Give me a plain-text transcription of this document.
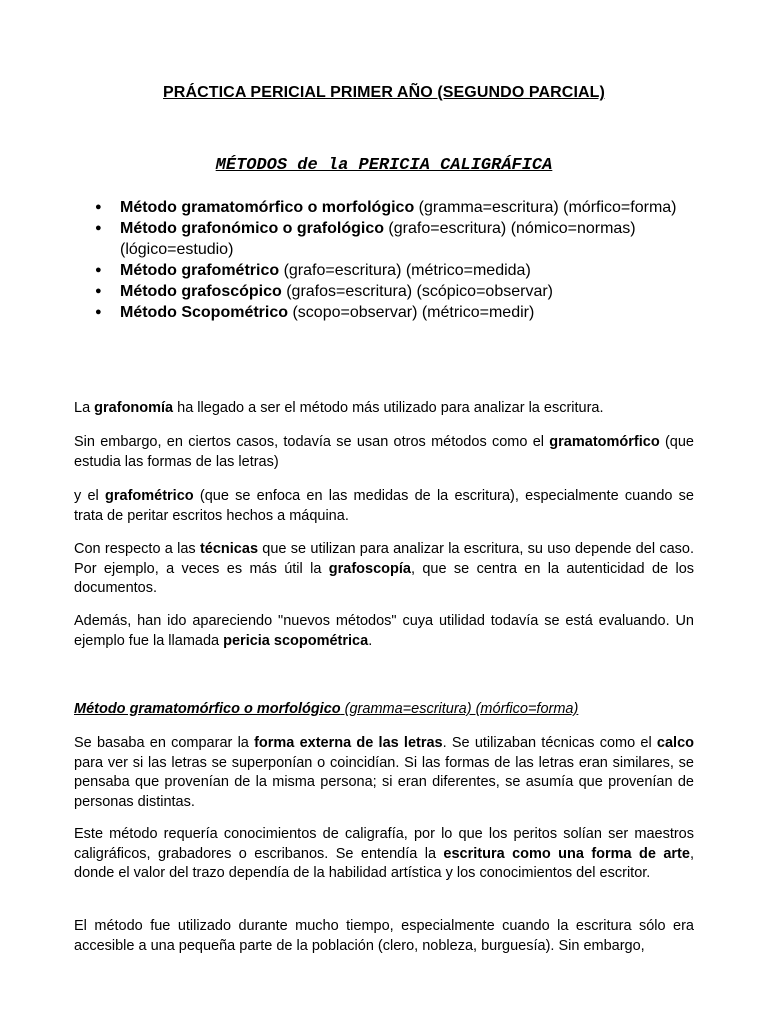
PRÁCTICA PERICIAL PRIMER AÑO (SEGUNDO PARCIAL)
MÉTODOS de la PERICIA CALIGRÁFICA
● Método gramatomórfico o morfológico (gramma=escritura) (mórfico=forma)
● Método grafonómico o grafológico (grafo=escritura) (nómico=normas) (lógico=estudio)
● Método grafométrico (grafo=escritura) (métrico=medida)
● Método grafoscópico (grafos=escritura) (scópico=observar)
● Método Scopométrico (scopo=observar) (métrico=medir)

La grafonomía ha llegado a ser el método más utilizado para analizar la escritura.

Sin embargo, en ciertos casos, todavía se usan otros métodos como el gramatomórfico (que estudia las formas de las letras)

y el grafométrico (que se enfoca en las medidas de la escritura), especialmente cuando se trata de peritar escritos hechos a máquina.

Con respecto a las técnicas que se utilizan para analizar la escritura, su uso depende del caso. Por ejemplo, a veces es más útil la grafoscopía, que se centra en la autenticidad de los documentos.

Además, han ido apareciendo "nuevos métodos" cuya utilidad todavía se está evaluando. Un ejemplo fue la llamada pericia scopométrica.

Método gramatomórfico o morfológico (gramma=escritura) (mórfico=forma)

Se basaba en comparar la forma externa de las letras. Se utilizaban técnicas como el calco para ver si las letras se superponían o coincidían. Si las formas de las letras eran similares, se pensaba que provenían de la misma persona; si eran diferentes, se asumía que provenían de personas distintas.

Este método requería conocimientos de caligrafía, por lo que los peritos solían ser maestros caligráficos, grabadores o escribanos. Se entendía la escritura como una forma de arte, donde el valor del trazo dependía de la habilidad artística y los conocimientos del escritor.

El método fue utilizado durante mucho tiempo, especialmente cuando la escritura sólo era accesible a una pequeña parte de la población (clero, nobleza, burguesía). Sin embargo,
